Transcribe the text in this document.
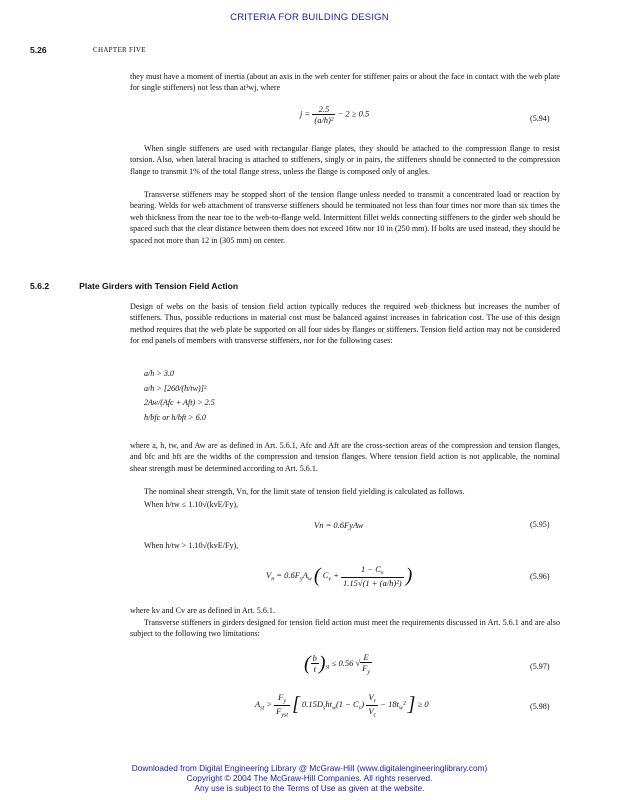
CRITERIA FOR BUILDING DESIGN
5.26	CHAPTER FIVE

they must have a moment of inertia (about an axis in the web center for stiffener pairs or about the face in contact with the web plate for single stiffeners) not less than at³wj, where

$j = \frac{2.5}{\text{(a/h)²}} - 2 \ge 0.5$
(5.94)

When single stiffeners are used with rectangular flange plates, they should be attached to the compression flange to resist torsion. Also, when lateral bracing is attached to stiffeners, singly or in pairs, the stiffeners should be connected to the compression flange to transmit 1% of the total flange stress, unless the flange is composed only of angles.

Transverse stiffeners may be stopped short of the tension flange unless needed to transmit a concentrated load or reaction by bearing. Welds for web attachment of transverse stiffeners should be terminated not less than four times nor more than six times the web thickness from the near toe to the web-to-flange weld. Intermittent fillet welds connecting stiffeners to the girder web should be spaced such that the clear distance between them does not exceed 16tw nor 10 in (250 mm). If bolts are used instead, they should be spaced not more than 12 in (305 mm) on center.

5.6.2	Plate Girders with Tension Field Action

Design of webs on the basis of tension field action typically reduces the required web thickness but increases the number of stiffeners. Thus, possible reductions in material cost must be balanced against increases in fabrication cost. The use of this design method requires that the web plate be supported on all four sides by flanges or stiffeners. Tension field action may not be considered for end panels of members with transverse stiffeners, nor for the following cases:

a/h > 3.0
a/h > [260/(h/tw)]²
2Aw/(Afc + Aft) > 2.5
h/bfc or h/bft > 6.0

where a, h, tw, and Aw are as defined in Art. 5.6.1, Afc and Aft are the cross-section areas of the compression and tension flanges, and bfc and bft are the widths of the compression and tension flanges. Where tension field action is not applicable, the nominal shear strength must be determined according to Art. 5.6.1.

The nominal shear strength, Vn, for the limit state of tension field yielding is calculated as follows.

When h/tw ≤ 1.10√(kvE/Fy),
Vn = 0.6FyAw	(5.95)
When h/tw > 1.10√(kvE/Fy),
$V_n = 0.6F_yA_w$ ( $C_v + \frac{1 - C_v}{\text{1.15√(1 + (a/h)²)}}$ )	(5.96)

where kv and Cv are as defined in Art. 5.6.1.

Transverse stiffeners in girders designed for tension field action must meet the requirements discussed in Art. 5.6.1 and are also subject to the following two limitations:

( $\frac{b}{t} )_{st} \le 0.56$ √ $\frac{E}{F_y}$	(5.97)
$A_{st} > \frac{F_y}{F_{yst}}$ [ $0.15D_sht_w(1 - C_v) \frac{V_r}{V_c} - 18t_w^2$ ] ≥ 0	(5.98)
Downloaded from Digital Engineering Library @ McGraw-Hill (www.digitalengineeringlibrary.com)
Copyright © 2004 The McGraw-Hill Companies. All rights reserved.
Any use is subject to the Terms of Use as given at the website.
